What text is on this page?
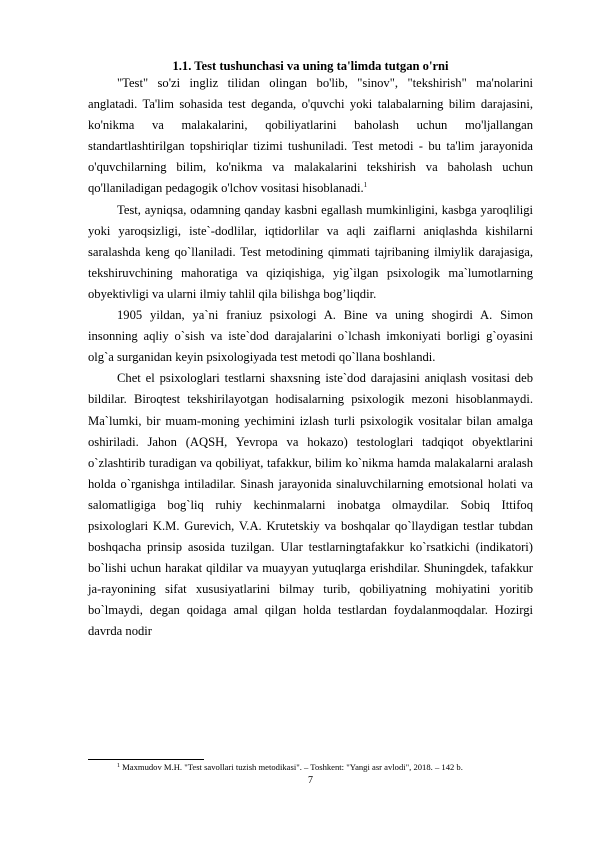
1.1. Test tushunchasi va uning ta'limda tutgan o'rni

"Test" so'zi ingliz tilidan olingan bo'lib, "sinov", "tekshirish" ma'nolarini anglatadi. Ta'lim sohasida test deganda, o'quvchi yoki talabalarning bilim darajasini, ko'nikma va malakalarini, qobiliyatlarini baholash uchun mo'ljallangan standartlashtirilgan topshiriqlar tizimi tushuniladi. Test metodi - bu ta'lim jarayonida o'quvchilarning bilim, ko'nikma va malakalarini tekshirish va baholash uchun qo'llaniladigan pedagogik o'lchov vositasi hisoblanadi.$^1$

Test, ayniqsa, odamning qanday kasbni egallash mumkinligini, kasbga yaroqliligi yoki yaroqsizligi, iste`-dodlilar, iqtidorlilar va aqli zaiflarni aniqlashda kishilarni saralashda keng qo`llaniladi. Test metodining qimmati tajribaning ilmiylik darajasiga, tekshiruvchining mahoratiga va qiziqishiga, yig`ilgan psixologik ma`lumotlarning obyektivligi va ularni ilmiy tahlil qila bilishga bog’liqdir.

1905 yildan, ya`ni franiuz psixologi A. Bine va uning shogirdi A. Simon insonning aqliy o`sish va iste`dod darajalarini o`lchash imkoniyati borligi g`oyasini olg`a surganidan keyin psixologiyada test metodi qo`llana boshlandi.

Chet el psixologlari testlarni shaxsning iste`dod darajasini aniqlash vositasi deb bildilar. Biroqtest tekshirilayotgan hodisalarning psixologik mezoni hisoblanmaydi. Ma`lumki, bir muam-moning yechimini izlash turli psixologik vositalar bilan amalga oshiriladi. Jahon (AQSH, Yevropa va hokazo) testologlari tadqiqot obyektlarini o`zlashtirib turadigan va qobiliyat, tafakkur, bilim ko`nikma hamda malakalarni aralash holda o`rganishga intiladilar. Sinash jarayonida sinaluvchilarning emotsional holati va salomatligiga bog`liq ruhiy kechinmalarni inobatga olmaydilar. Sobiq Ittifoq psixologlari K.M. Gurevich, V.A. Krutetskiy va boshqalar qo`llaydigan testlar tubdan boshqacha prinsip asosida tuzilgan. Ular testlarningtafakkur ko`rsatkichi (indikatori) bo`lishi uchun harakat qildilar va muayyan yutuqlarga erishdilar. Shuningdek, tafakkur ja-rayonining sifat xususiyatlarini bilmay turib, qobiliyatning mohiyatini yoritib bo`lmaydi, degan qoidaga amal qilgan holda testlardan foydalanmoqdalar. Hozirgi davrda nodir

$^1$ Maxmudov M.H. "Test savollari tuzish metodikasi". – Toshkent: "Yangi asr avlodi", 2018. – 142 b.
7
